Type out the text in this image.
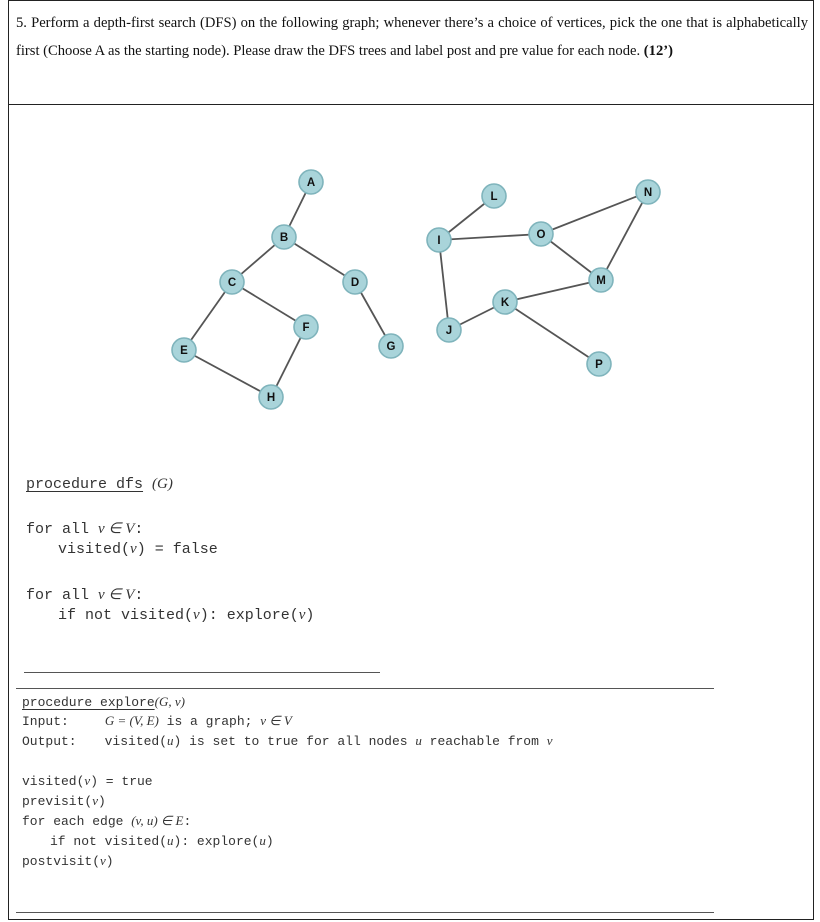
5. Perform a depth-first search (DFS) on the following graph; whenever there’s a choice of vertices, pick the one that is alphabetically first (Choose A as the starting node). Please draw the DFS trees and label post and pre value for each node. (12’)
A
B
C	D
E
F
G
H
I
J
K
L
M
N
O
P
procedure dfs (G)
for all v ∈ V:
visited(v) = false
for all v ∈ V:
if not visited(v): explore(v)
procedure explore(G, v)
Input:	G = (V, E) is a graph; v ∈ V
Output: visited(u) is set to true for all nodes u reachable from v
visited(v) = true
previsit(v)
for each edge (v, u) ∈ E:
if not visited(u): explore(u)
postvisit(v)
